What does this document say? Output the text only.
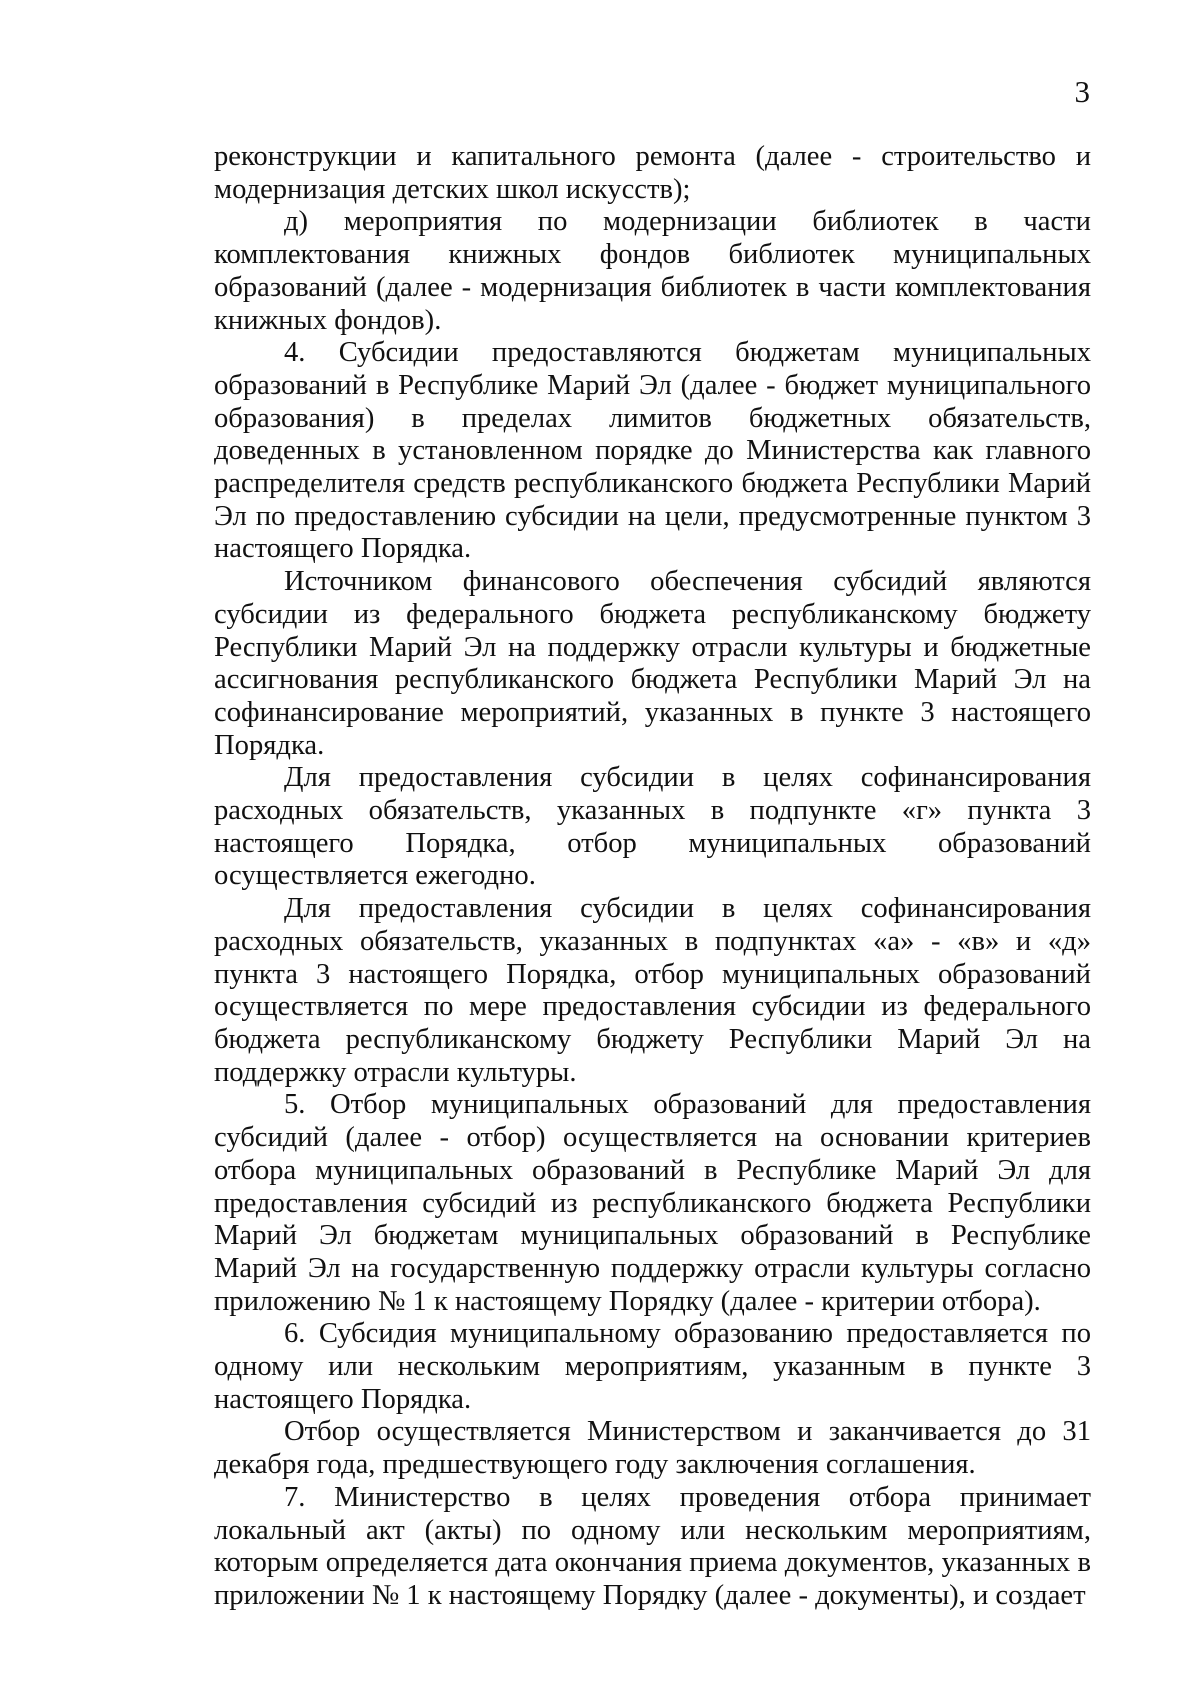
3

реконструкции и капитального ремонта (далее - строительство и модернизация детских школ искусств);

д) мероприятия по модернизации библиотек в части комплектования книжных фондов библиотек муниципальных образований (далее - модернизация библиотек в части комплектования книжных фондов).

4. Субсидии предоставляются бюджетам муниципальных образований в Республике Марий Эл (далее - бюджет муниципального образования) в пределах лимитов бюджетных обязательств, доведенных в установленном порядке до Министерства как главного распределителя средств республиканского бюджета Республики Марий Эл по предоставлению субсидии на цели, предусмотренные пунктом 3 настоящего Порядка.

Источником финансового обеспечения субсидий являются субсидии из федерального бюджета республиканскому бюджету Республики Марий Эл на поддержку отрасли культуры и бюджетные ассигнования республиканского бюджета Республики Марий Эл на софинансирование мероприятий, указанных в пункте 3 настоящего Порядка.

Для предоставления субсидии в целях софинансирования расходных обязательств, указанных в подпункте «г» пункта 3 настоящего Порядка, отбор муниципальных образований осуществляется ежегодно.

Для предоставления субсидии в целях софинансирования расходных обязательств, указанных в подпунктах «а» - «в» и «д» пункта 3 настоящего Порядка, отбор муниципальных образований осуществляется по мере предоставления субсидии из федерального бюджета республиканскому бюджету Республики Марий Эл на поддержку отрасли культуры.

5. Отбор муниципальных образований для предоставления субсидий (далее - отбор) осуществляется на основании критериев отбора муниципальных образований в Республике Марий Эл для предоставления субсидий из республиканского бюджета Республики Марий Эл бюджетам муниципальных образований в Республике Марий Эл на государственную поддержку отрасли культуры согласно приложению № 1 к настоящему Порядку (далее - критерии отбора).

6. Субсидия муниципальному образованию предоставляется по одному или нескольким мероприятиям, указанным в пункте 3 настоящего Порядка.

Отбор осуществляется Министерством и заканчивается до 31 декабря года, предшествующего году заключения соглашения.

7. Министерство в целях проведения отбора принимает локальный акт (акты) по одному или нескольким мероприятиям, которым определяется дата окончания приема документов, указанных в приложении № 1 к настоящему Порядку (далее - документы), и создает
